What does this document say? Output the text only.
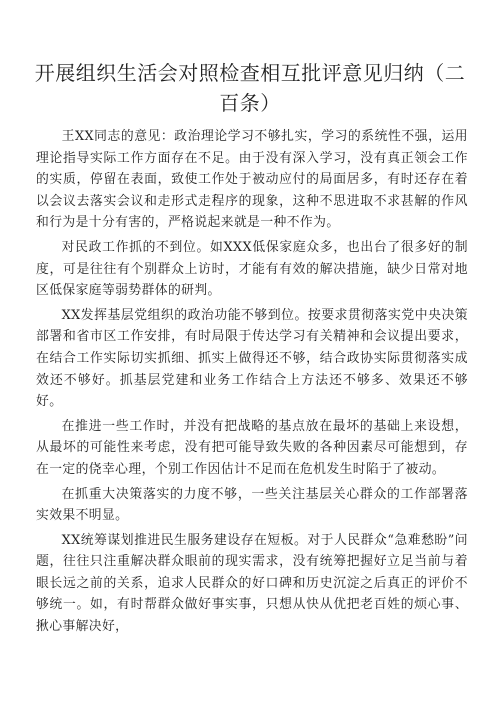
开展组织生活会对照检查相互批评意见归纳（二百条）

王XX同志的意见：政治理论学习不够扎实，学习的系统性不强，运用理论指导实际工作方面存在不足。由于没有深入学习，没有真正领会工作的实质，停留在表面，致使工作处于被动应付的局面居多，有时还存在着以会议去落实会议和走形式走程序的现象，这种不思进取不求甚解的作风和行为是十分有害的，严格说起来就是一种不作为。

对民政工作抓的不到位。如XXX低保家庭众多，也出台了很多好的制度，可是往往有个别群众上访时，才能有有效的解决措施，缺少日常对地区低保家庭等弱势群体的研判。

XX发挥基层党组织的政治功能不够到位。按要求贯彻落实党中央决策部署和省市区工作安排，有时局限于传达学习有关精神和会议提出要求，在结合工作实际切实抓细、抓实上做得还不够，结合政协实际贯彻落实成效还不够好。抓基层党建和业务工作结合上方法还不够多、效果还不够好。

在推进一些工作时，并没有把战略的基点放在最坏的基础上来设想，从最坏的可能性来考虑，没有把可能导致失败的各种因素尽可能想到，存在一定的侥幸心理，个别工作因估计不足而在危机发生时陷于了被动。

在抓重大决策落实的力度不够，一些关注基层关心群众的工作部署落实效果不明显。

XX统筹谋划推进民生服务建设存在短板。对于人民群众“急难愁盼”问题，往往只注重解决群众眼前的现实需求，没有统筹把握好立足当前与着眼长远之前的关系，追求人民群众的好口碑和历史沉淀之后真正的评价不够统一。如，有时帮群众做好事实事，只想从快从优把老百姓的烦心事、揪心事解决好，
